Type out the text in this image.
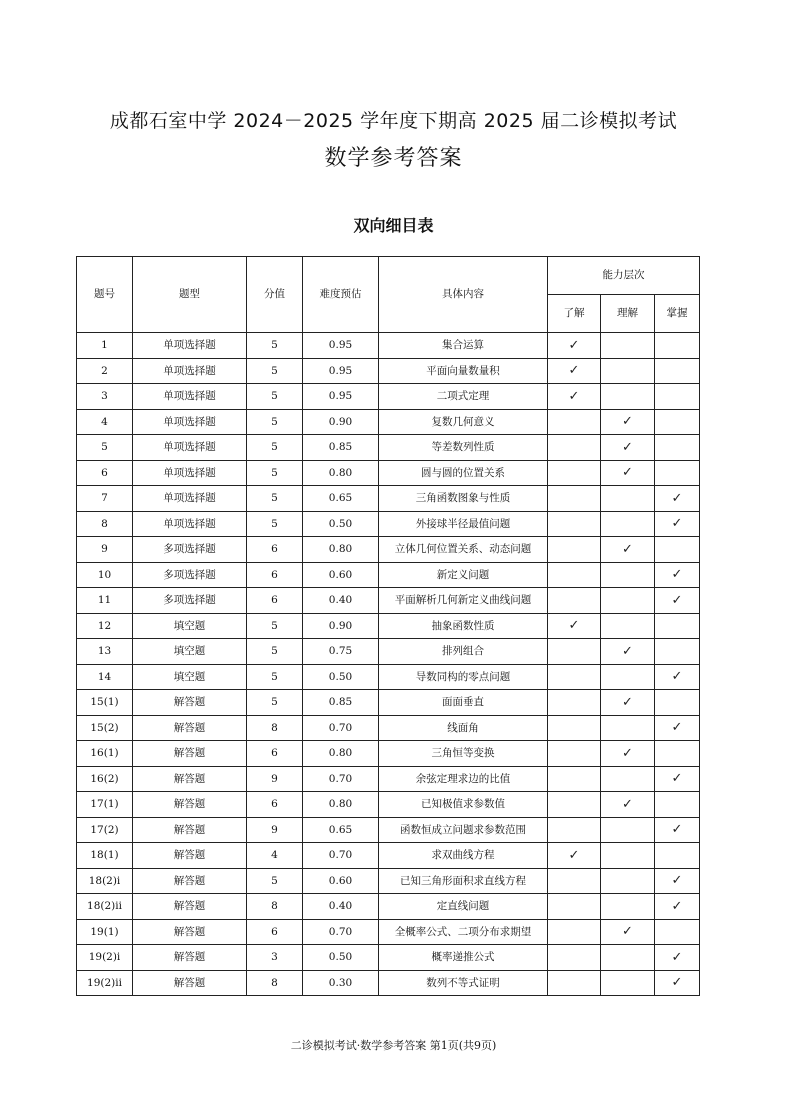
成都石室中学 2024－2025 学年度下期高 2025 届二诊模拟考试
数学参考答案
双向细目表
题号	题型	分值	难度预估	具体内容	能力层次		
					了解	理解	掌握
1	单项选择题	5	0.95	集合运算	✓		
2	单项选择题	5	0.95	平面向量数量积	✓		
3	单项选择题	5	0.95	二项式定理	✓		
4	单项选择题	5	0.90	复数几何意义		✓	
5	单项选择题	5	0.85	等差数列性质		✓	
6	单项选择题	5	0.80	圆与圆的位置关系		✓	
7	单项选择题	5	0.65	三角函数图象与性质			✓
8	单项选择题	5	0.50	外接球半径最值问题			✓
9	多项选择题	6	0.80	立体几何位置关系、动态问题		✓	
10	多项选择题	6	0.60	新定义问题			✓
11	多项选择题	6	0.40	平面解析几何新定义曲线问题			✓
12	填空题	5	0.90	抽象函数性质	✓		
13	填空题	5	0.75	排列组合		✓	
14	填空题	5	0.50	导数同构的零点问题			✓
15(1)	解答题	5	0.85	面面垂直		✓	
15(2)	解答题	8	0.70	线面角			✓
16(1)	解答题	6	0.80	三角恒等变换		✓	
16(2)	解答题	9	0.70	余弦定理求边的比值			✓
17(1)	解答题	6	0.80	已知极值求参数值		✓	
17(2)	解答题	9	0.65	函数恒成立问题求参数范围			✓
18(1)	解答题	4	0.70	求双曲线方程	✓		
18(2)ⅰ	解答题	5	0.60	已知三角形面积求直线方程			✓
18(2)ⅱ	解答题	8	0.40	定直线问题			✓
19(1)	解答题	6	0.70	全概率公式、二项分布求期望		✓	
19(2)ⅰ	解答题	3	0.50	概率递推公式			✓
19(2)ⅱ	解答题	8	0.30	数列不等式证明			✓
二诊模拟考试·数学参考答案 第1页(共9页)
